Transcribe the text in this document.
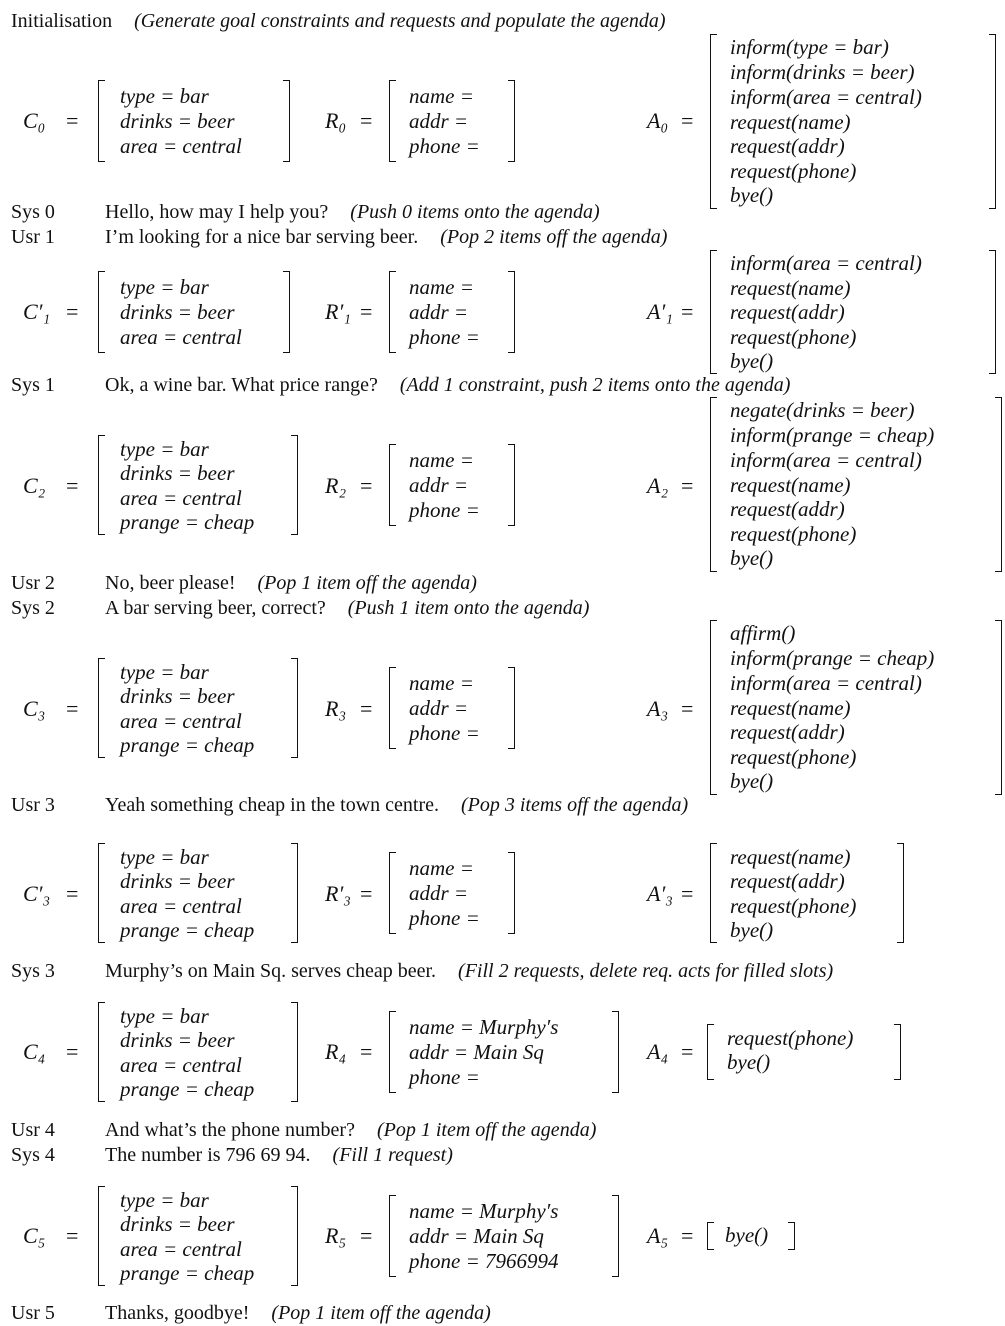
Initialisation (Generate goal constraints and requests and populate the agenda)
Sys 0	Hello, how may I help you? (Push 0 items onto the agenda)
Usr 1	I’m looking for a nice bar serving beer. (Pop 2 items off the agenda)
Sys 1	Ok, a wine bar. What price range? (Add 1 constraint, push 2 items onto the agenda)
Usr 2	No, beer please! (Pop 1 item off the agenda)
Sys 2	A bar serving beer, correct? (Push 1 item onto the agenda)
Usr 3	Yeah something cheap in the town centre. (Pop 3 items off the agenda)
Sys 3	Murphy’s on Main Sq. serves cheap beer. (Fill 2 requests, delete req. acts for filled slots)
Usr 4	And what’s the phone number? (Pop 1 item off the agenda)
Sys 4	The number is 796 69 94. (Fill 1 request)
Usr 5	Thanks, goodbye! (Pop 1 item off the agenda)
C₀ =
type = bar
drinks = beer
area = central
R₀ =
name =
addr =
phone =
A₀ =
inform(type = bar)
inform(drinks = beer)
inform(area = central)
request(name)
request(addr)
request(phone)
bye()
C′₁ =
type = bar
drinks = beer
area = central
R′₁ =
name =
addr =
phone =
A′₁ =
inform(area = central)
request(name)
request(addr)
request(phone)
bye()
C₂ =
type = bar
drinks = beer
area = central
prange = cheap
R₂ =
name =
addr =
phone =
A₂ =
negate(drinks = beer)
inform(prange = cheap)
inform(area = central)
request(name)
request(addr)
request(phone)
bye()
C₃ =
type = bar
drinks = beer
area = central
prange = cheap
R₃ =
name =
addr =
phone =
A₃ =
affirm()
inform(prange = cheap)
inform(area = central)
request(name)
request(addr)
request(phone)
bye()
C′₃ =
type = bar
drinks = beer
area = central
prange = cheap
R′₃ =
name =
addr =
phone =
A′₃ =
request(name)
request(addr)
request(phone)
bye()
C₄ =
type = bar
drinks = beer
area = central
prange = cheap
R₄ =
name = Murphy′s
addr = Main Sq
phone =
A₄ =
request(phone)
bye()
C₅ =
type = bar
drinks = beer
area = central
prange = cheap
R₅ =
name = Murphy′s
addr = Main Sq
phone = 7966994
A₅ = bye()
